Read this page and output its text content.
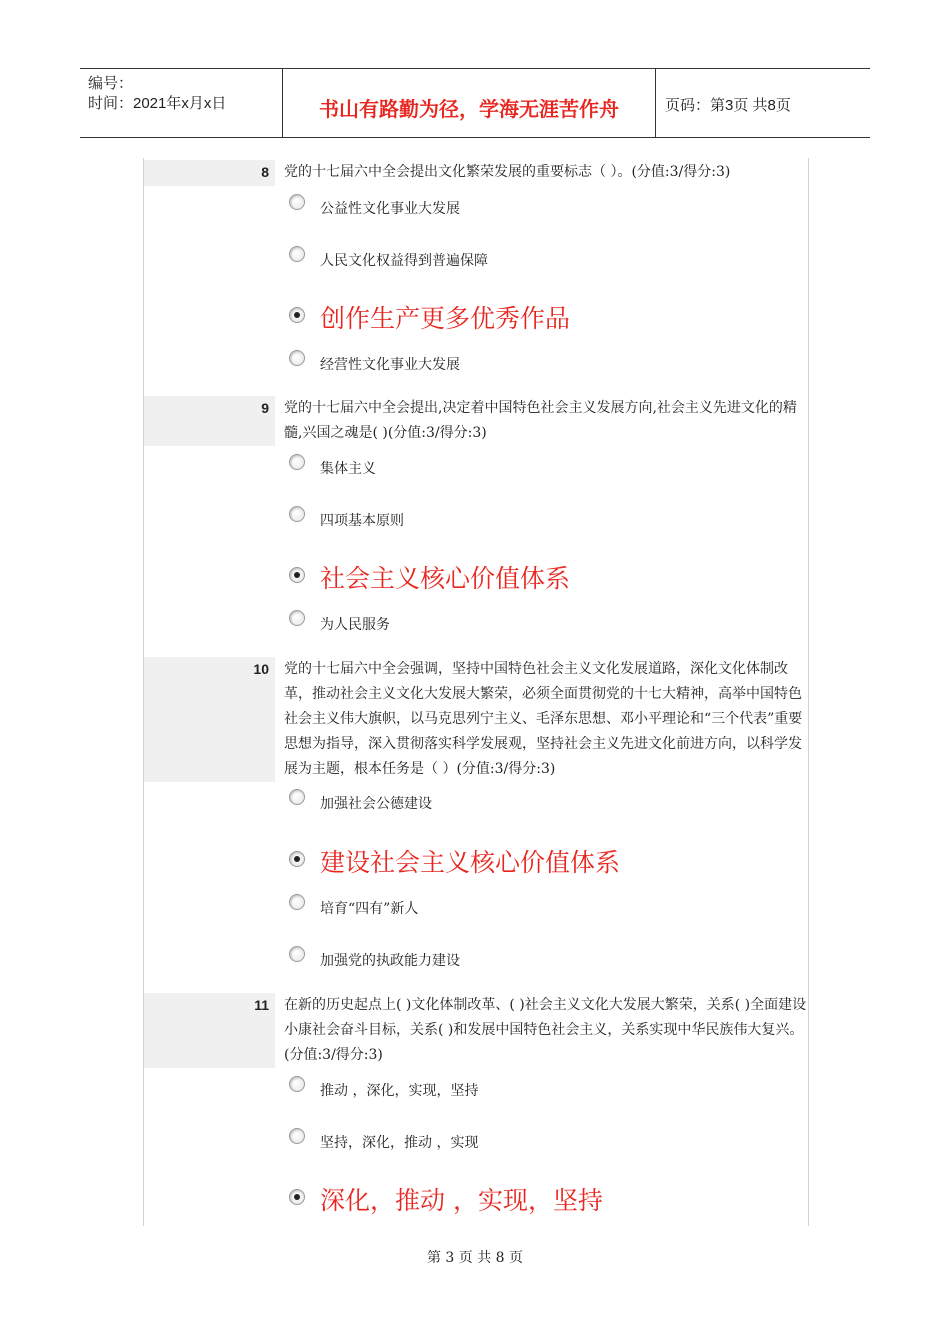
编号：
时间：2021年x月x日	书山有路勤为径，学海无涯苦作舟	页码：第3页 共8页
8	党的十七届六中全会提出文化繁荣发展的重要标志（ ）。(分值:3/得分:3)
公益性文化事业大发展
人民文化权益得到普遍保障
创作生产更多优秀作品
经营性文化事业大发展
9	党的十七届六中全会提出,决定着中国特色社会主义发展方向,社会主义先进文化的精髓,兴国之魂是( )(分值:3/得分:3)
集体主义
四项基本原则
社会主义核心价值体系
为人民服务
10	党的十七届六中全会强调，坚持中国特色社会主义文化发展道路，深化文化体制改革，推动社会主义文化大发展大繁荣，必须全面贯彻党的十七大精神，高举中国特色社会主义伟大旗帜，以马克思列宁主义、毛泽东思想、邓小平理论和“三个代表”重要思想为指导，深入贯彻落实科学发展观，坚持社会主义先进文化前进方向，以科学发展为主题，根本任务是（ ）(分值:3/得分:3)
加强社会公德建设
建设社会主义核心价值体系
培育“四有”新人
加强党的执政能力建设
11	在新的历史起点上( )文化体制改革、( )社会主义文化大发展大繁荣，关系( )全面建设小康社会奋斗目标，关系( )和发展中国特色社会主义，关系实现中华民族伟大复兴。(分值:3/得分:3)
推动 ，深化，实现，坚持
坚持，深化，推动 ，实现
深化，推动 ，实现，坚持
第 3 页 共 8 页
